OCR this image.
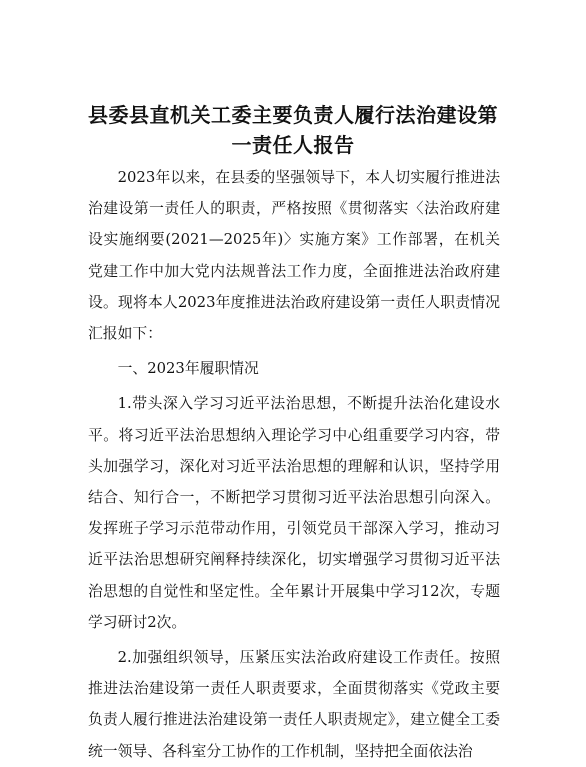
县委县直机关工委主要负责人履行法治建设第一责任人报告

2023年以来，在县委的坚强领导下，本人切实履行推进法治建设第一责任人的职责，严格按照《贯彻落实〈法治政府建设实施纲要(2021—2025年)〉实施方案》工作部署，在机关党建工作中加大党内法规普法工作力度，全面推进法治政府建设。现将本人2023年度推进法治政府建设第一责任人职责情况汇报如下：

一、2023年履职情况

1.带头深入学习习近平法治思想，不断提升法治化建设水平。将习近平法治思想纳入理论学习中心组重要学习内容，带头加强学习，深化对习近平法治思想的理解和认识，坚持学用结合、知行合一，不断把学习贯彻习近平法治思想引向深入。发挥班子学习示范带动作用，引领党员干部深入学习，推动习近平法治思想研究阐释持续深化，切实增强学习贯彻习近平法治思想的自觉性和坚定性。全年累计开展集中学习12次，专题学习研讨2次。

2.加强组织领导，压紧压实法治政府建设工作责任。按照推进法治建设第一责任人职责要求，全面贯彻落实《党政主要负责人履行推进法治建设第一责任人职责规定》，建立健全工委统一领导、各科室分工协作的工作机制，坚持把全面依法治
